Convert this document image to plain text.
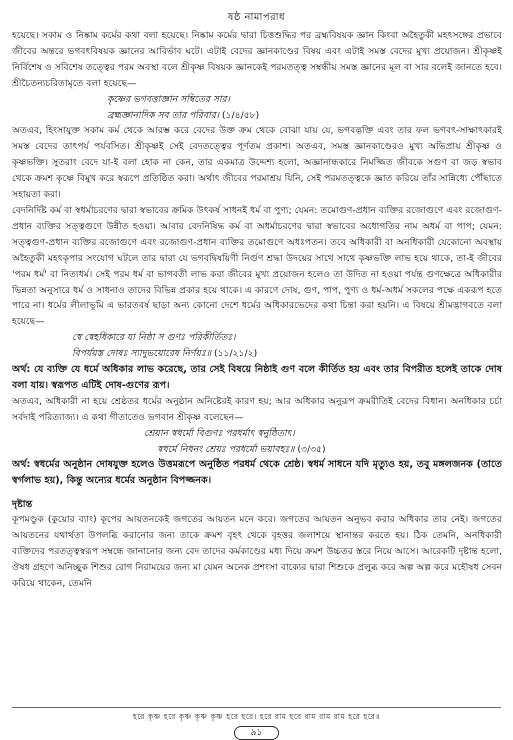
ষষ্ঠ নামাপরাধ

হয়েছে। সকাম ও নিষ্কাম কর্মের কথা বলা হয়েছে। নিষ্কাম কর্মের দ্বারা চিত্তশুদ্ধির পর ব্রহ্মবিষয়ক জ্ঞান কিংবা অহৈতুকী মহৎসঙ্গের প্রভাবে জীবের অন্তরে ভগবৎবিষয়ক জ্ঞানের আবির্ভাব ঘটে। এটাই বেদের জ্ঞানকাণ্ডের বিষয় এবং এটাই সমস্ত বেদের মুখ্য প্রয়োজন। শ্রীকৃষ্ণই নির্বিশেষ ও সবিশেষ তত্ত্বের পরম অবস্থা বলে শ্রীকৃষ্ণ বিষয়ক জ্ঞানকেই পরমতত্ত্ব সম্বন্ধীয় সমস্ত জ্ঞানের মূল বা সার বলেই জানতে হবে। শ্রীচৈতন্যচরিতামৃতে বলা হয়েছে—

কৃষ্ণের ভগবত্তাজ্ঞান সম্বিতের সার।

ব্রহ্মজ্ঞানাদিক সব তার পরিবার। (১/৪/৫৮)

অতএব, হিংসাযুক্ত সকাম কর্ম থেকে আরম্ভ করে বেদের উক্ত ক্রম থেকে বোঝা যায় যে, ভগবদ্ভক্তি এবং তার ফল ভগবৎ-সাক্ষাৎকারই সমস্ত বেদের তাৎপর্য পর্যবসিত। শ্রীকৃষ্ণই সেই বেদতত্ত্বের পূর্ণতম প্রকাশ। অতএব, সমস্ত জ্ঞানকাণ্ডেরও মুখ্য অভিপ্রায় শ্রীকৃষ্ণ ও কৃষ্ণভক্তি। সুতরাং বেদে যা-ই বলা হোক না কেন, তার একমাত্র উদ্দেশ্য হলো, অজ্ঞানান্ধকারে নিমজ্জিত জীবকে সগুণ বা জড় স্বভাব থেকে ক্রমশ কৃষ্ণে বিমুখ করে স্বরূপে প্রতিষ্ঠিত করা। অর্থাৎ জীবের পরমাশ্রয় যিনি, সেই পরমতত্ত্বকে জ্ঞাত করিয়ে তাঁর সান্নিধ্যে পৌঁছাতে সহায়তা করা।

বেদনির্দিষ্ট কর্ম বা স্বধর্মাচরণের দ্বারা স্বভাবের ক্রমিক উৎকর্ষ সাধনই ধর্ম বা পুণ্য; যেমন: তমোগুণ-প্রধান ব্যক্তির রজোগুণে এবং রজোগুণ-প্রধান ব্যক্তির সত্ত্বগুণে উন্নীত হওয়া। আবার বেদনিষিদ্ধ কর্ম বা অধর্মাচরণের দ্বারা স্বভাবের অধোগতির নাম অধর্ম বা পাপ; যেমন: সত্ত্বগুণ-প্রধান ব্যক্তির রজোগুণে এবং রজোগুণ-প্রধান ব্যক্তির তমোগুণে অধঃপতন। তবে অধিকারী বা অনধিকারী যেকোনো অবস্থায় অহৈতুকী মহৎকৃপার সংযোগ ঘটলে তার দ্বারা যে ভগবদ্বিষয়িণী নির্গুণ শ্রদ্ধা উদয়ের সাথে সাথে কৃষ্ণভক্তি লাভ হয়ে থাকে, তা-ই জীবের 'পরম ধর্ম' বা নিত্যধর্ম। সেই পরম ধর্ম বা ভাগবতী লাভ করা জীবের মুখ্য প্রয়োজন হলেও তা উদিত না হওয়া পর্যন্ত গুণক্ষেত্রে অধিকারীর ভিন্নতা অনুসারে ধর্ম ও সাধনাও তাদের বিভিন্ন প্রকার হয়ে থাকে। এ কারণে দোষ, গুণ, পাপ, পুণ্য ও ধর্ম-অধর্ম সকলের পক্ষে একরূপ হতে পারে না। ধর্মের লীলাভূমি এ ভারতবর্ষ ছাড়া অন্য কোনো দেশে ধর্মের অধিকারভেদের কথা চিন্তা করা হয়নি। এ বিষয়ে শ্রীমদ্ভাগবতে বলা হয়েছে—

স্বে স্বেহধিকারে যা নিষ্ঠা স গুণঃ পরিকীর্তিতঃ।

বিপর্যয়স্ত দোষঃ স্যাদুভয়োরেষ নির্ণয়ঃ॥ (১১/২১/২)

অর্থ: যে ব্যক্তি যে ধর্মে অধিকার লাভ করেছে, তার সেই বিষয়ে নিষ্ঠাই গুণ বলে কীর্তিত হয় এবং তার বিপরীত হলেই তাকে দোষ বলা যায়। স্বরূপত এটিই দোষ-গুণের রূপ।

অতএব, অধিকারী না হয়ে শ্রেষ্ঠতর ধর্মের অনুষ্ঠান অনিষ্টেরই কারণ হয়; আর অধিকার অনুরূপ ক্রমরীতিই বেদের বিধান। অনধিকার চর্চা সর্বদাই পরিত্যাজ্য। এ কথা গীতাতেও ভগবান শ্রীকৃষ্ণ বলেছেন—

শ্রেয়ান স্বধর্মো বিগুণঃ পরধর্মাৎ স্বনুষ্ঠিতাৎ।

স্বধর্মে নিধনং শ্রেয়ঃ পরধর্মো ভয়াবহঃ॥ (৩/৩৫)

অর্থ: স্বধর্মের অনুষ্ঠান দোষযুক্ত হলেও উত্তমরূপে অনুষ্ঠিত পরধর্ম থেকে শ্রেষ্ঠ। স্বধর্ম সাধনে যদি মৃত্যুও হয়, তবু মঙ্গলজনক (তাতে স্বর্গলাভ হয়), কিন্তু অন্যের ধর্মের অনুষ্ঠান বিপজ্জনক।

দৃষ্টান্ত

কূপমণ্ডুক (কুয়োর ব্যাং) কূপের আয়তনকেই জগতের আয়তন মনে করে। জগতের আয়তন অনুভব করার অধিকার তার নেই। জগতের আয়তনের যথার্থতা উপলব্ধি করানোর জন্য তাকে ক্রমশ বৃহৎ থেকে বৃহত্তর জলাশয়ে স্থানান্তর করতে হয়। ঠিক তেমনি, অনধিকারী ব্যক্তিদের পরতত্ত্বস্বরূপ সম্বন্ধে জানানোর জন্য বেদ তাদের কর্মকাণ্ডের মধ্য দিয়ে ক্রমশ উচ্চতর স্তরে নিয়ে আসে। আরেকটি দৃষ্টান্ত হলো, ঔষধ গ্রহণে অনিচ্ছুক শিশুর রোগ নিরাময়ের জন্য মা যেমন অনেক প্রশংসা বাক্যের দ্বারা শিশুকে প্রলুব্ধ করে অল্প অল্প করে মহৌষধ সেবন করিয়ে থাকেন, তেমনি

হরে কৃষ্ণ হরে কৃষ্ণ কৃষ্ণ কৃষ্ণ হরে হরে। হরে রাম হরে রাম রাম রাম হরে হরে॥
৯১
